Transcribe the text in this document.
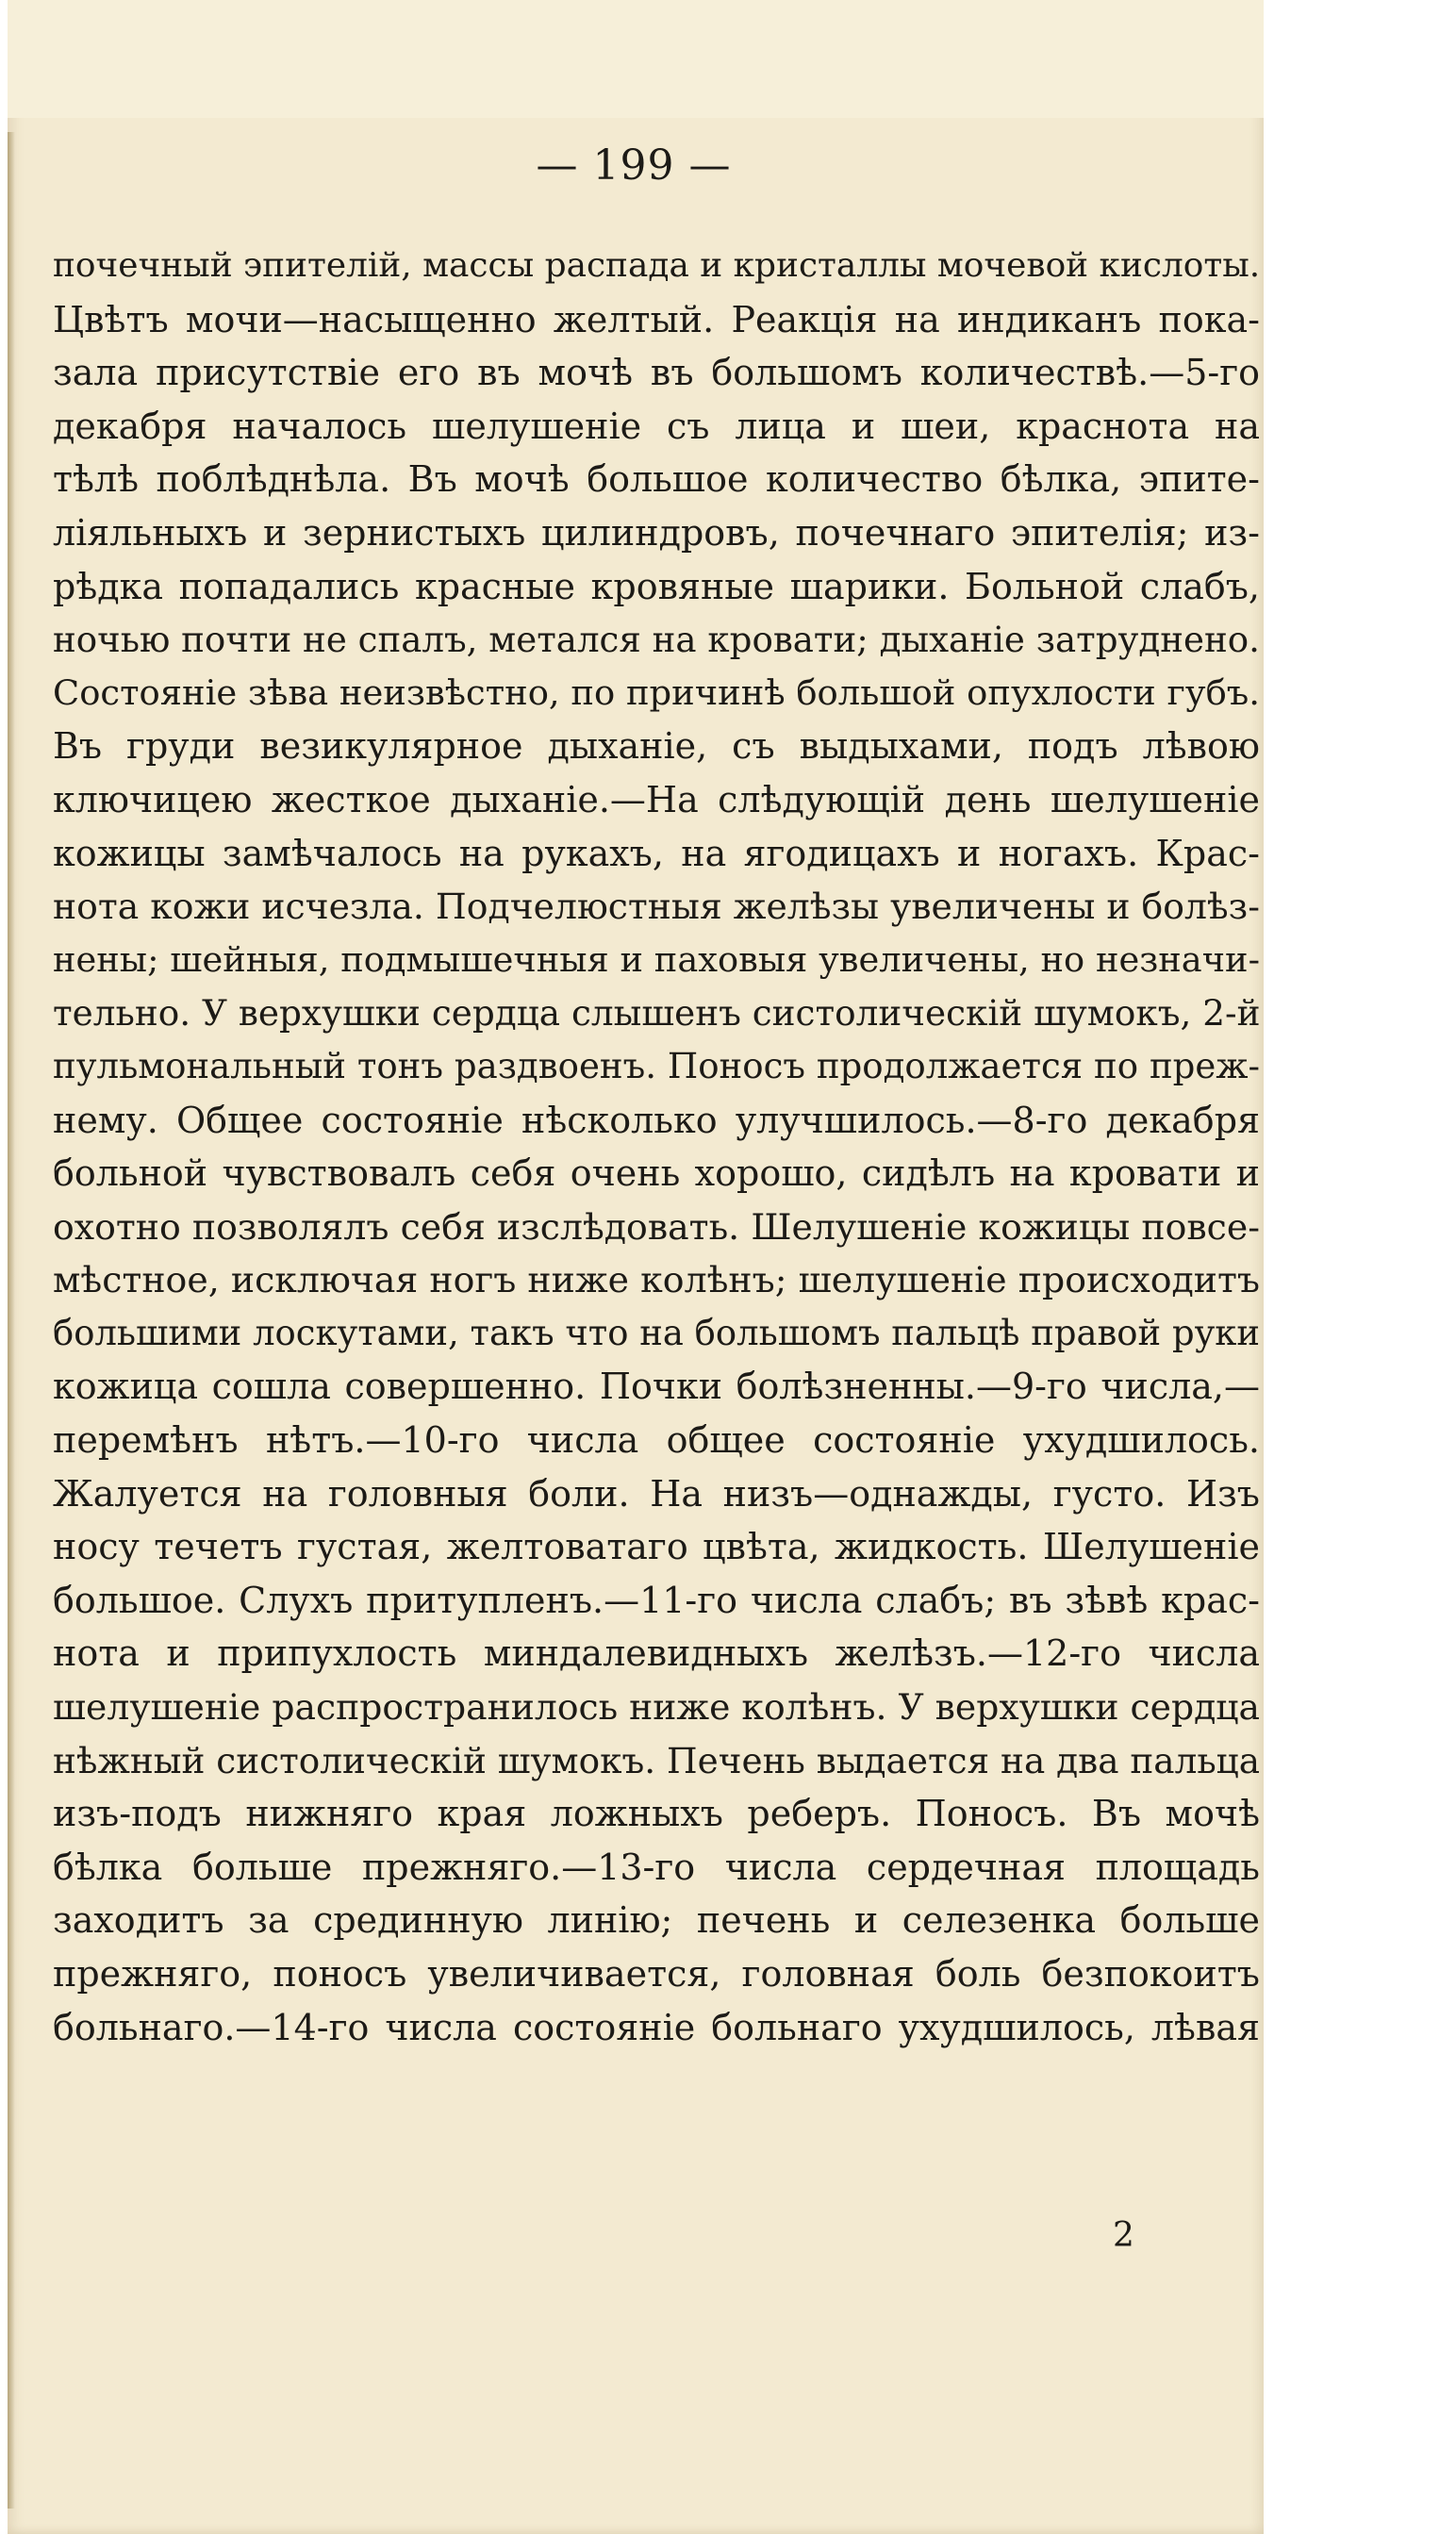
— 199 —
почечный эпителій, массы распада и кристаллы мочевой кислоты.
Цвѣтъ мочи—насыщенно желтый. Реакція на индиканъ пока-
зала присутствіе его въ мочѣ въ большомъ количествѣ.—5-го
декабря началось шелушеніе съ лица и шеи, краснота на
тѣлѣ поблѣднѣла. Въ мочѣ большое количество бѣлка, эпите-
ліяльныхъ и зернистыхъ цилиндровъ, почечнаго эпителія; из-
рѣдка попадались красные кровяные шарики. Больной слабъ,
ночью почти не спалъ, метался на кровати; дыханіе затруднено.
Состояніе зѣва неизвѣстно, по причинѣ большой опухлости губъ.
Въ груди везикулярное дыханіе, съ выдыхами, подъ лѣвою
ключицею жесткое дыханіе.—На слѣдующій день шелушеніе
кожицы замѣчалось на рукахъ, на ягодицахъ и ногахъ. Крас-
нота кожи исчезла. Подчелюстныя желѣзы увеличены и болѣз-
нены; шейныя, подмышечныя и паховыя увеличены, но незначи-
тельно. У верхушки сердца слышенъ систолическій шумокъ, 2-й
пульмональный тонъ раздвоенъ. Поносъ продолжается по преж-
нему. Общее состояніе нѣсколько улучшилось.—8-го декабря
больной чувствовалъ себя очень хорошо, сидѣлъ на кровати и
охотно позволялъ себя изслѣдовать. Шелушеніе кожицы повсе-
мѣстное, исключая ногъ ниже колѣнъ; шелушеніе происходитъ
большими лоскутами, такъ что на большомъ пальцѣ правой руки
кожица сошла совершенно. Почки болѣзненны.—9-го числа,—
перемѣнъ нѣтъ.—10-го числа общее состояніе ухудшилось.
Жалуется на головныя боли. На низъ—однажды, густо. Изъ
носу течетъ густая, желтоватаго цвѣта, жидкость. Шелушеніе
большое. Слухъ притупленъ.—11-го числа слабъ; въ зѣвѣ крас-
нота и припухлость миндалевидныхъ желѣзъ.—12-го числа
шелушеніе распространилось ниже колѣнъ. У верхушки сердца
нѣжный систолическій шумокъ. Печень выдается на два пальца
изъ-подъ нижняго края ложныхъ реберъ. Поносъ. Въ мочѣ
бѣлка больше прежняго.—13-го числа сердечная площадь
заходитъ за срединную линію; печень и селезенка больше
прежняго, поносъ увеличивается, головная боль безпокоитъ
больнаго.—14-го числа состояніе больнаго ухудшилось, лѣвая
2
